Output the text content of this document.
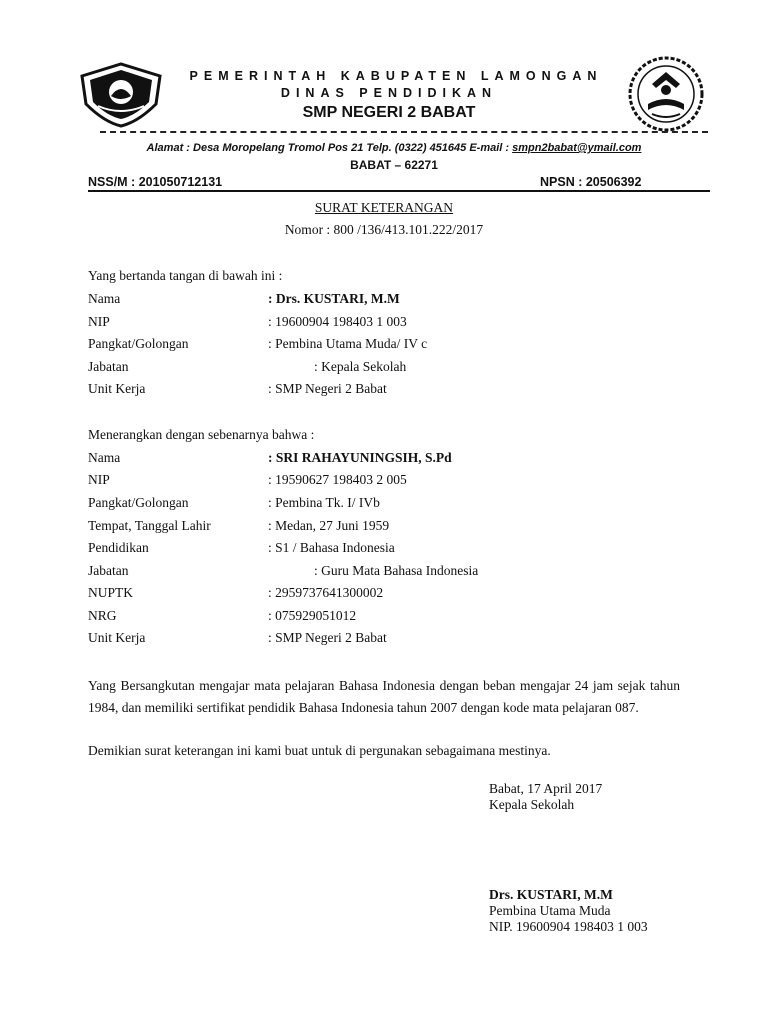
PEMERINTAH KABUPATEN LAMONGAN
DINAS PENDIDIKAN
SMP NEGERI 2 BABAT
Alamat : Desa Moropelang Tromol Pos 21 Telp. (0322) 451645 E-mail : smpn2babat@ymail.com
BABAT – 62271
NSS/M : 201050712131	NPSN : 20506392
SURAT KETERANGAN
Nomor : 800 /136/413.101.222/2017
Yang bertanda tangan di bawah ini :
Nama	: Drs. KUSTARI, M.M
NIP	: 19600904 198403 1 003
Pangkat/Golongan	: Pembina Utama Muda/ IV c
Jabatan	: Kepala Sekolah
Unit Kerja	: SMP Negeri 2 Babat
Menerangkan dengan sebenarnya bahwa :
Nama	: SRI RAHAYUNINGSIH, S.Pd
NIP	: 19590627 198403 2 005
Pangkat/Golongan	: Pembina Tk. I/ IVb
Tempat, Tanggal Lahir	: Medan, 27 Juni 1959
Pendidikan	: S1 / Bahasa Indonesia
Jabatan	: Guru Mata Bahasa Indonesia
NUPTK	: 2959737641300002
NRG	: 075929051012
Unit Kerja	: SMP Negeri 2 Babat
Yang Bersangkutan mengajar mata pelajaran Bahasa Indonesia dengan beban mengajar 24 jam sejak tahun 1984, dan memiliki sertifikat pendidik Bahasa Indonesia tahun 2007 dengan kode mata pelajaran 087.
Demikian surat keterangan ini kami buat untuk di pergunakan sebagaimana mestinya.
Babat, 17 April 2017
Kepala Sekolah
Drs. KUSTARI, M.M
Pembina Utama Muda
NIP. 19600904 198403 1 003
